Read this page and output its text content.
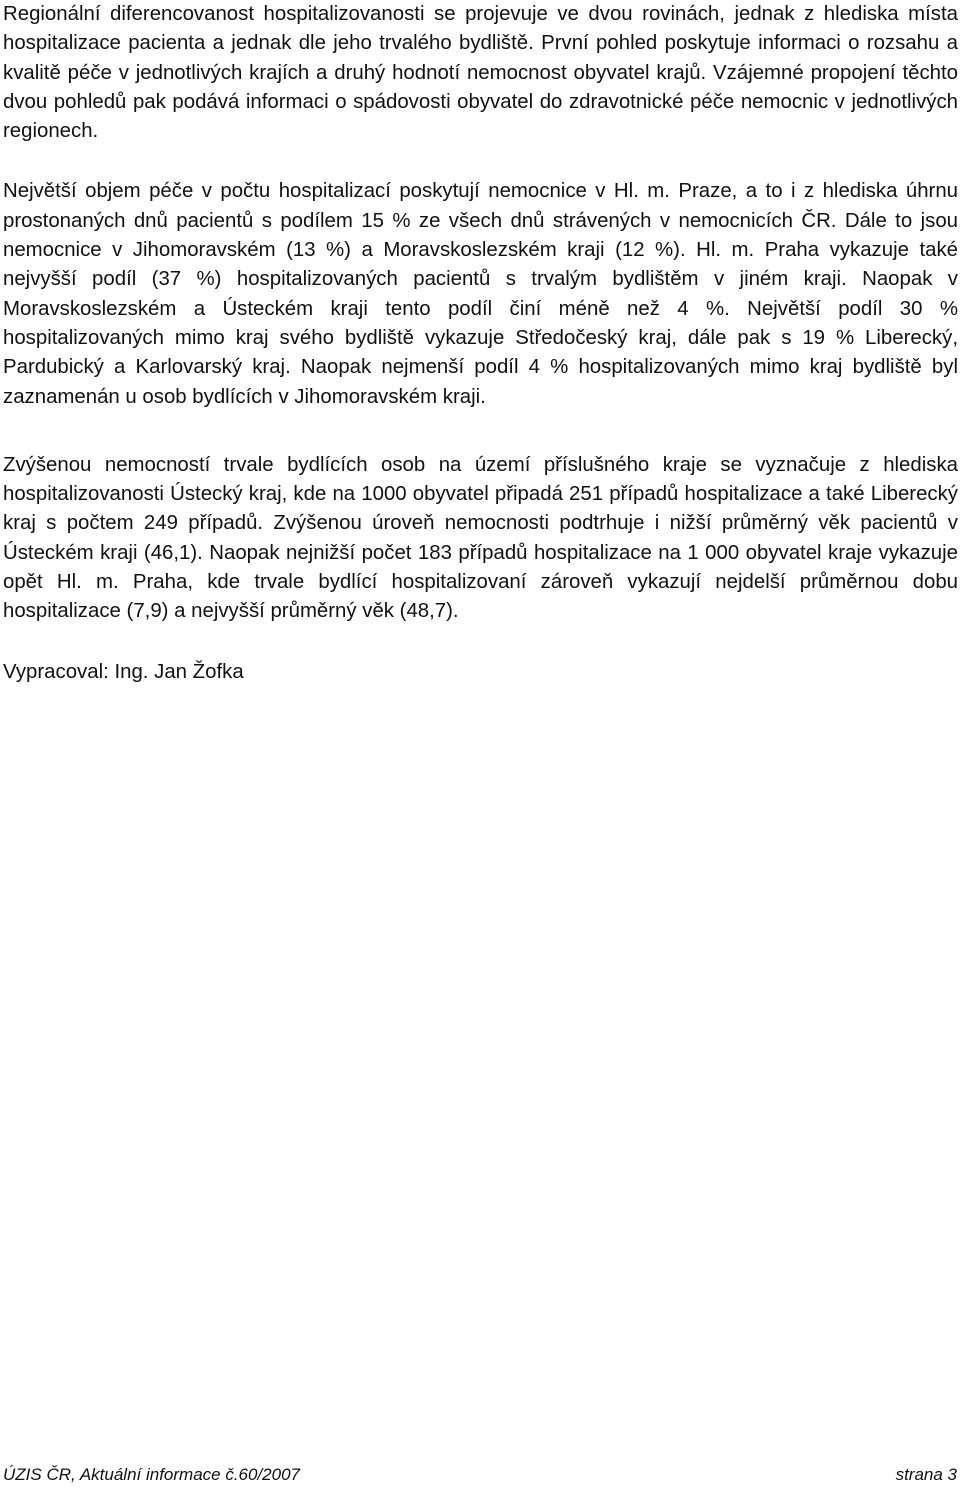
Regionální diferencovanost hospitalizovanosti se projevuje ve dvou rovinách, jednak z hlediska místa hospitalizace pacienta a jednak dle jeho trvalého bydliště. První pohled poskytuje informaci o rozsahu a kvalitě péče v jednotlivých krajích a druhý hodnotí nemocnost obyvatel krajů. Vzájemné propojení těchto dvou pohledů pak podává informaci o spádovosti obyvatel do zdravotnické péče nemocnic v jednotlivých regionech.

Největší objem péče v počtu hospitalizací poskytují nemocnice v Hl. m. Praze, a to i z hlediska úhrnu prostonaných dnů pacientů s podílem 15 % ze všech dnů strávených v nemocnicích ČR. Dále to jsou nemocnice v Jihomoravském (13 %) a Moravskoslezském kraji (12 %). Hl. m. Praha vykazuje také nejvyšší podíl (37 %) hospitalizovaných pacientů s trvalým bydlištěm v jiném kraji. Naopak v Moravskoslezském a Ústeckém kraji tento podíl činí méně než 4 %. Největší podíl 30 % hospitalizovaných mimo kraj svého bydliště vykazuje Středočeský kraj, dále pak s 19 % Liberecký, Pardubický a Karlovarský kraj. Naopak nejmenší podíl 4 % hospitalizovaných mimo kraj bydliště byl zaznamenán u osob bydlících v Jihomoravském kraji.

Zvýšenou nemocností trvale bydlících osob na území příslušného kraje se vyznačuje z hlediska hospitalizovanosti Ústecký kraj, kde na 1000 obyvatel připadá 251 případů hospitalizace a také Liberecký kraj s počtem 249 případů. Zvýšenou úroveň nemocnosti podtrhuje i nižší průměrný věk pacientů v Ústeckém kraji (46,1). Naopak nejnižší počet 183 případů hospitalizace na 1 000 obyvatel kraje vykazuje opět Hl. m. Praha, kde trvale bydlící hospitalizovaní zároveň vykazují nejdelší průměrnou dobu hospitalizace (7,9) a nejvyšší průměrný věk (48,7).

Vypracoval: Ing. Jan Žofka

ÚZIS ČR, Aktuální informace č.60/2007	strana 3
